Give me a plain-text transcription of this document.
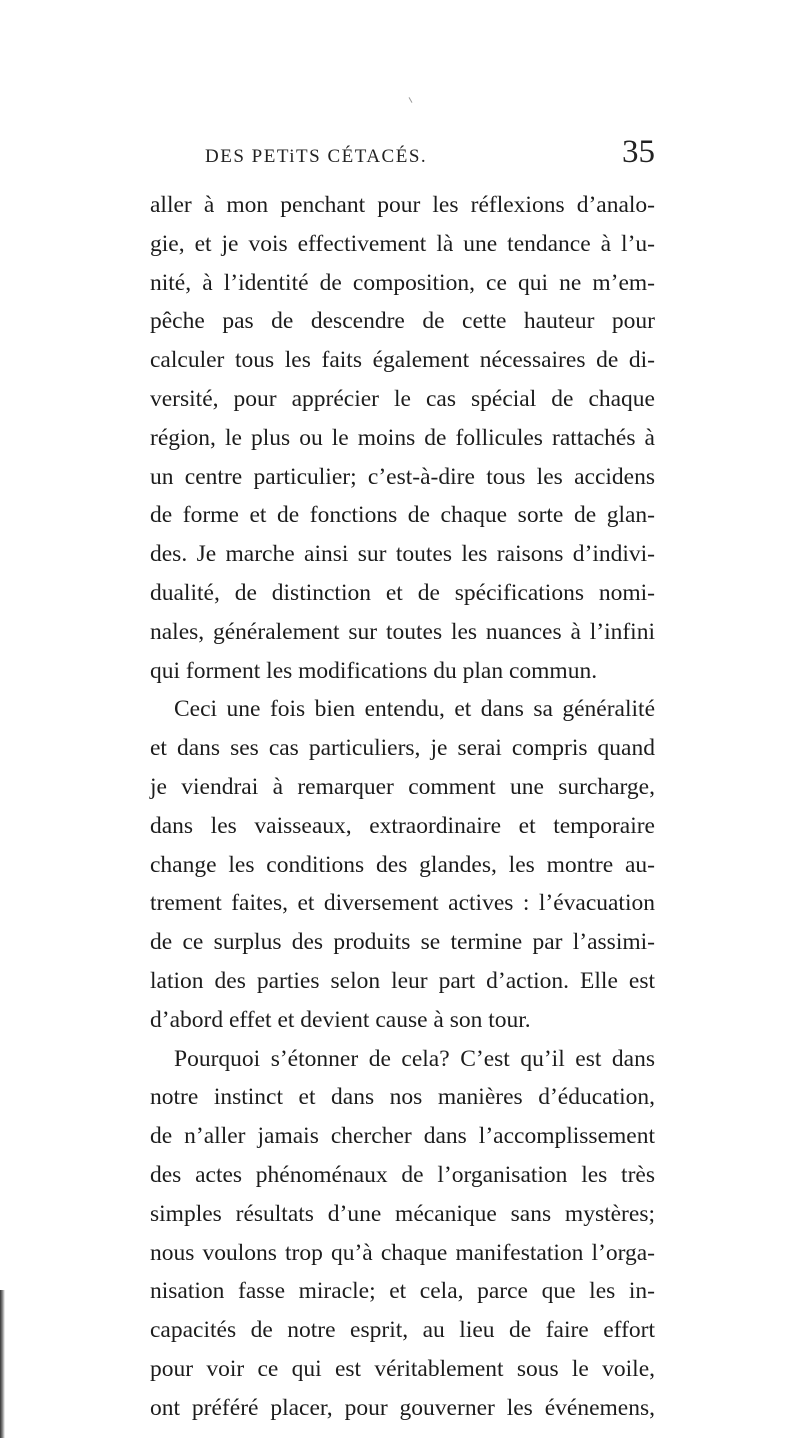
DES PETiTS CÉTACÉS.	35
aller à mon penchant pour les réflexions d’analo-
gie, et je vois effectivement là une tendance à l’u-
nité, à l’identité de composition, ce qui ne m’em-
pêche pas de descendre de cette hauteur pour
calculer tous les faits également nécessaires de di-
versité, pour apprécier le cas spécial de chaque
région, le plus ou le moins de follicules rattachés à
un centre particulier; c’est-à-dire tous les accidens
de forme et de fonctions de chaque sorte de glan-
des. Je marche ainsi sur toutes les raisons d’indivi-
dualité, de distinction et de spécifications nomi-
nales, généralement sur toutes les nuances à l’infini
qui forment les modifications du plan commun.
Ceci une fois bien entendu, et dans sa généralité
et dans ses cas particuliers, je serai compris quand
je viendrai à remarquer comment une surcharge,
dans les vaisseaux, extraordinaire et temporaire
change les conditions des glandes, les montre au-
trement faites, et diversement actives : l’évacuation
de ce surplus des produits se termine par l’assimi-
lation des parties selon leur part d’action. Elle est
d’abord effet et devient cause à son tour.
Pourquoi s’étonner de cela? C’est qu’il est dans
notre instinct et dans nos manières d’éducation,
de n’aller jamais chercher dans l’accomplissement
des actes phénoménaux de l’organisation les très
simples résultats d’une mécanique sans mystères;
nous voulons trop qu’à chaque manifestation l’orga-
nisation fasse miracle; et cela, parce que les in-
capacités de notre esprit, au lieu de faire effort
pour voir ce qui est véritablement sous le voile,
ont préféré placer, pour gouverner les événemens,
